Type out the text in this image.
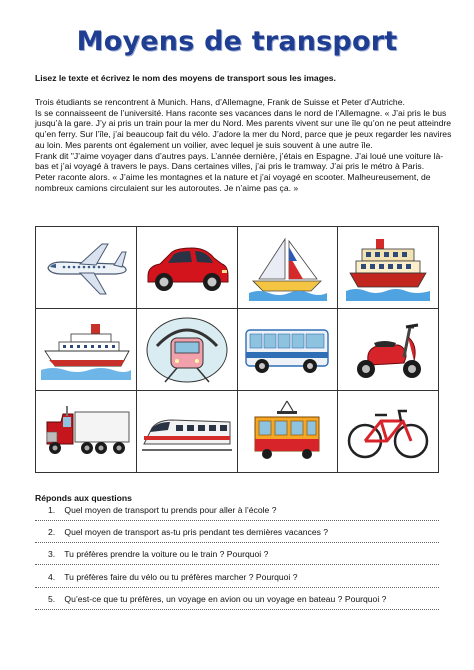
Moyens de transport
Lisez le texte et écrivez le nom des moyens de transport sous les images.

Trois étudiants se rencontrent à Munich. Hans, d’Allemagne, Frank de Suisse et Peter d’Autriche.

Is se connaisseent de l’université. Hans raconte ses vacances dans le nord de l’Allemagne. « J’ai pris le bus jusqu’à la gare. J’y ai pris un train pour la mer du Nord. Mes parents vivent sur une île qu’on ne peut atteindre qu’en ferry. Sur l’île, j’ai beaucoup fait du vélo. J’adore la mer du Nord, parce que je peux regarder les navires au loin. Mes parents ont également un voilier, avec lequel je suis souvent à une autre île.

Frank dit "J’aime voyager dans d’autres pays. L’année dernière, j’étais en Espagne. J’ai loué une voiture là-bas et j’ai voyagé à travers le pays. Dans certaines villes, j’ai pris le tramway. J’ai pris le métro à Paris.

Peter raconte alors. « J’aime les montagnes et la nature et j’ai voyagé en scooter. Malheureusement, de nombreux camions circulaient sur les autoroutes. Je n’aime pas ça. »

Réponds aux questions
1. Quel moyen de transport tu prends pour aller à l’école ?
2. Quel moyen de transport as-tu pris pendant tes dernières vacances ?
3. Tu préfères prendre la voiture ou le train ? Pourquoi ?
4. Tu préfères faire du vélo ou tu préfères marcher ? Pourquoi ?
5. Qu’est-ce que tu préfères, un voyage en avion ou un voyage en bateau ? Pourquoi ?
